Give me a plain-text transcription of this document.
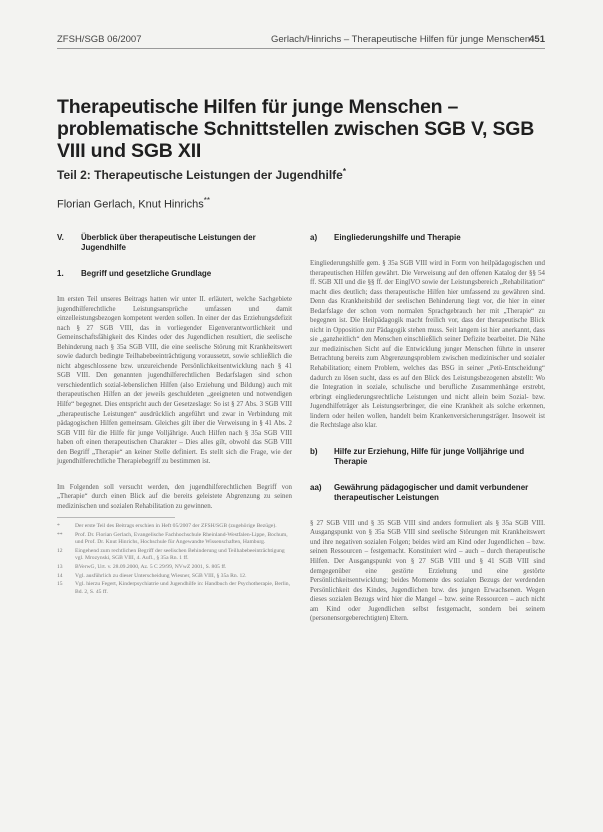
ZFSH/SGB 06/2007	Gerlach/Hinrichs – Therapeutische Hilfen für junge Menschen 451
Therapeutische Hilfen für junge Menschen – problematische Schnittstellen zwischen SGB V, SGB VIII und SGB XII
Teil 2: Therapeutische Leistungen der Jugendhilfe*
Florian Gerlach, Knut Hinrichs**
V.	Überblick über therapeutische Leistungen der Jugendhilfe
1.	Begriff und gesetzliche Grundlage

Im ersten Teil unseres Beitrags hatten wir unter II. erläutert, welche Sachgebiete jugendhilferechtliche Leistungsansprüche umfassen und damit einzelleistungsbezogen kompetent werden sollen. In einer der das Erziehungsdefizit nach § 27 SGB VIII, das in vorliegender Eigenverantwortlichkeit und Gemeinschaftsfähigkeit des Kindes oder des Jugendlichen resultiert, die seelische Behinderung nach § 35a SGB VIII, die eine seelische Störung mit Krankheitswert sowie dadurch bedingte Teilhabebeeinträchtigung voraussetzt, sowie schließlich die nicht abgeschlossene bzw. unzureichende Persönlichkeitsentwicklung nach § 41 SGB VIII. Den genannten jugendhilferechtlichen Bedarfslagen sind schon verschiedentlich sozial-lebenslichen Hilfen (also Erziehung und Bildung) auch mit therapeutischen Hilfen an der jeweils geschuldeten „geeigneten und notwendigen Hilfe“ begegnet. Dies entspricht auch der Gesetzeslage: So ist § 27 Abs. 3 SGB VIII „therapeutische Leistungen“ ausdrücklich angeführt und zwar in Verbindung mit pädagogischen Hilfen gemeinsam. Gleiches gilt über die Verweisung in § 41 Abs. 2 SGB VIII für die Hilfe für junge Volljährige. Auch Hilfen nach § 35a SGB VIII haben oft einen therapeutischen Charakter – Dies alles gilt, obwohl das SGB VIII den Begriff „Therapie“ an keiner Stelle definiert. Es stellt sich die Frage, wie der jugendhilferechtliche Therapiebegriff zu bestimmen ist.

Im Folgenden soll versucht werden, den jugendhilferechtlichen Begriff von „Therapie“ durch einen Blick auf die bereits geleistete Abgrenzung zu seinen medizinischen und sozialen Rehabilitation zu gewinnen.

*	Der erste Teil des Beitrags erschien in Heft 05/2007 der ZFSH/SGB (zugehörige Bezüge).
**	Prof. Dr. Florian Gerlach, Evangelische Fachhochschule Rheinland-Westfalen-Lippe, Bochum, und Prof. Dr. Knut Hinrichs, Hochschule für Angewandte Wissenschaften, Hamburg.
12	Eingehend zum rechtlichen Begriff der seelischen Behinderung und Teilhabebeeinträchtigung vgl. Mrozynski, SGB VIII, 4. Aufl., § 35a Rn. 1 ff.
13	BVerwG, Urt. v. 28.09.2000, Az. 5 C 29/99, NVwZ 2001, S. 805 ff.
14	Vgl. ausführlich zu dieser Unterscheidung Wiesner, SGB VIII, § 35a Rn. 12.
15	Vgl. hierzu Fegert, Kinderpsychiatrie und Jugendhilfe in: Handbuch der Psychotherapie, Berlin, Bd. 2, S. 45 ff.
a)	Eingliederungshilfe und Therapie

Eingliederungshilfe gem. § 35a SGB VIII wird in Form von heilpädagogischen und therapeutischen Hilfen gewährt. Die Verweisung auf den offenen Katalog der §§ 54 ff. SGB XII und die §§ ff. der EinglVO sowie der Leistungsbereich „Rehabilitation“ macht dies deutlich; dass therapeutische Hilfen hier umfassend zu gewähren sind. Denn das Krankheitsbild der seelischen Behinderung liegt vor, die hier in einer Bedarfslage der schon vom normalen Sprachgebrauch her mit „Therapie“ zu begegnen ist. Die Heilpädagogik macht freilich vor, dass der therapeutische Blick nicht in Opposition zur Pädagogik stehen muss. Seit langem ist hier anerkannt, dass sie „ganzheitlich“ den Menschen einschließlich seiner Defizite bearbeitet. Die Nähe zur medizinischen Sicht auf die Entwicklung junger Menschen führte in unserer Betrachtung bereits zum Abgrenzungsproblem zwischen medizinischer und sozialer Rehabilitation; einem Problem, welches das BSG in seiner „Petö-Entscheidung“ dadurch zu lösen sucht, dass es auf den Blick des Leistungsbezogenen abstellt: Wo die Integration in soziale, schulische und berufliche Zusammenhänge erstrebt, erbringt eingliederungsrechtliche Leistungen und nicht allein beim Sozial- bzw. Jugendhilfeträger als Leistungserbringer, die eine Krankheit als solche erkennen, lindern oder heilen wollen, handelt beim Krankenversicherungsträger. Insoweit ist die Rechtslage also klar.

b)	Hilfe zur Erziehung, Hilfe für junge Volljährige und Therapie
aa)	Gewährung pädagogischer und damit verbundener therapeutischer Leistungen

§ 27 SGB VIII und § 35 SGB VIII sind anders formuliert als § 35a SGB VIII. Ausgangspunkt von § 35a SGB VIII sind seelische Störungen mit Krankheitswert und ihre negativen sozialen Folgen; beides wird am Kind oder Jugendlichen – bzw. seinen Ressourcen – festgemacht. Konstituiert wird – auch – durch therapeutische Hilfen. Der Ausgangspunkt von § 27 SGB VIII und § 41 SGB VIII sind demgegenüber eine gestörte Erziehung und eine gestörte Persönlichkeitsentwicklung; beides Momente des sozialen Bezugs der werdenden Persönlichkeit des Kindes, Jugendlichen bzw. des jungen Erwachsenen. Wegen dieses sozialen Bezugs wird hier die Mangel – bzw. seine Ressourcen – auch nicht am Kind oder Jugendlichen selbst festgemacht, sondern bei seinem (personensorgeberechtigten) Eltern.
